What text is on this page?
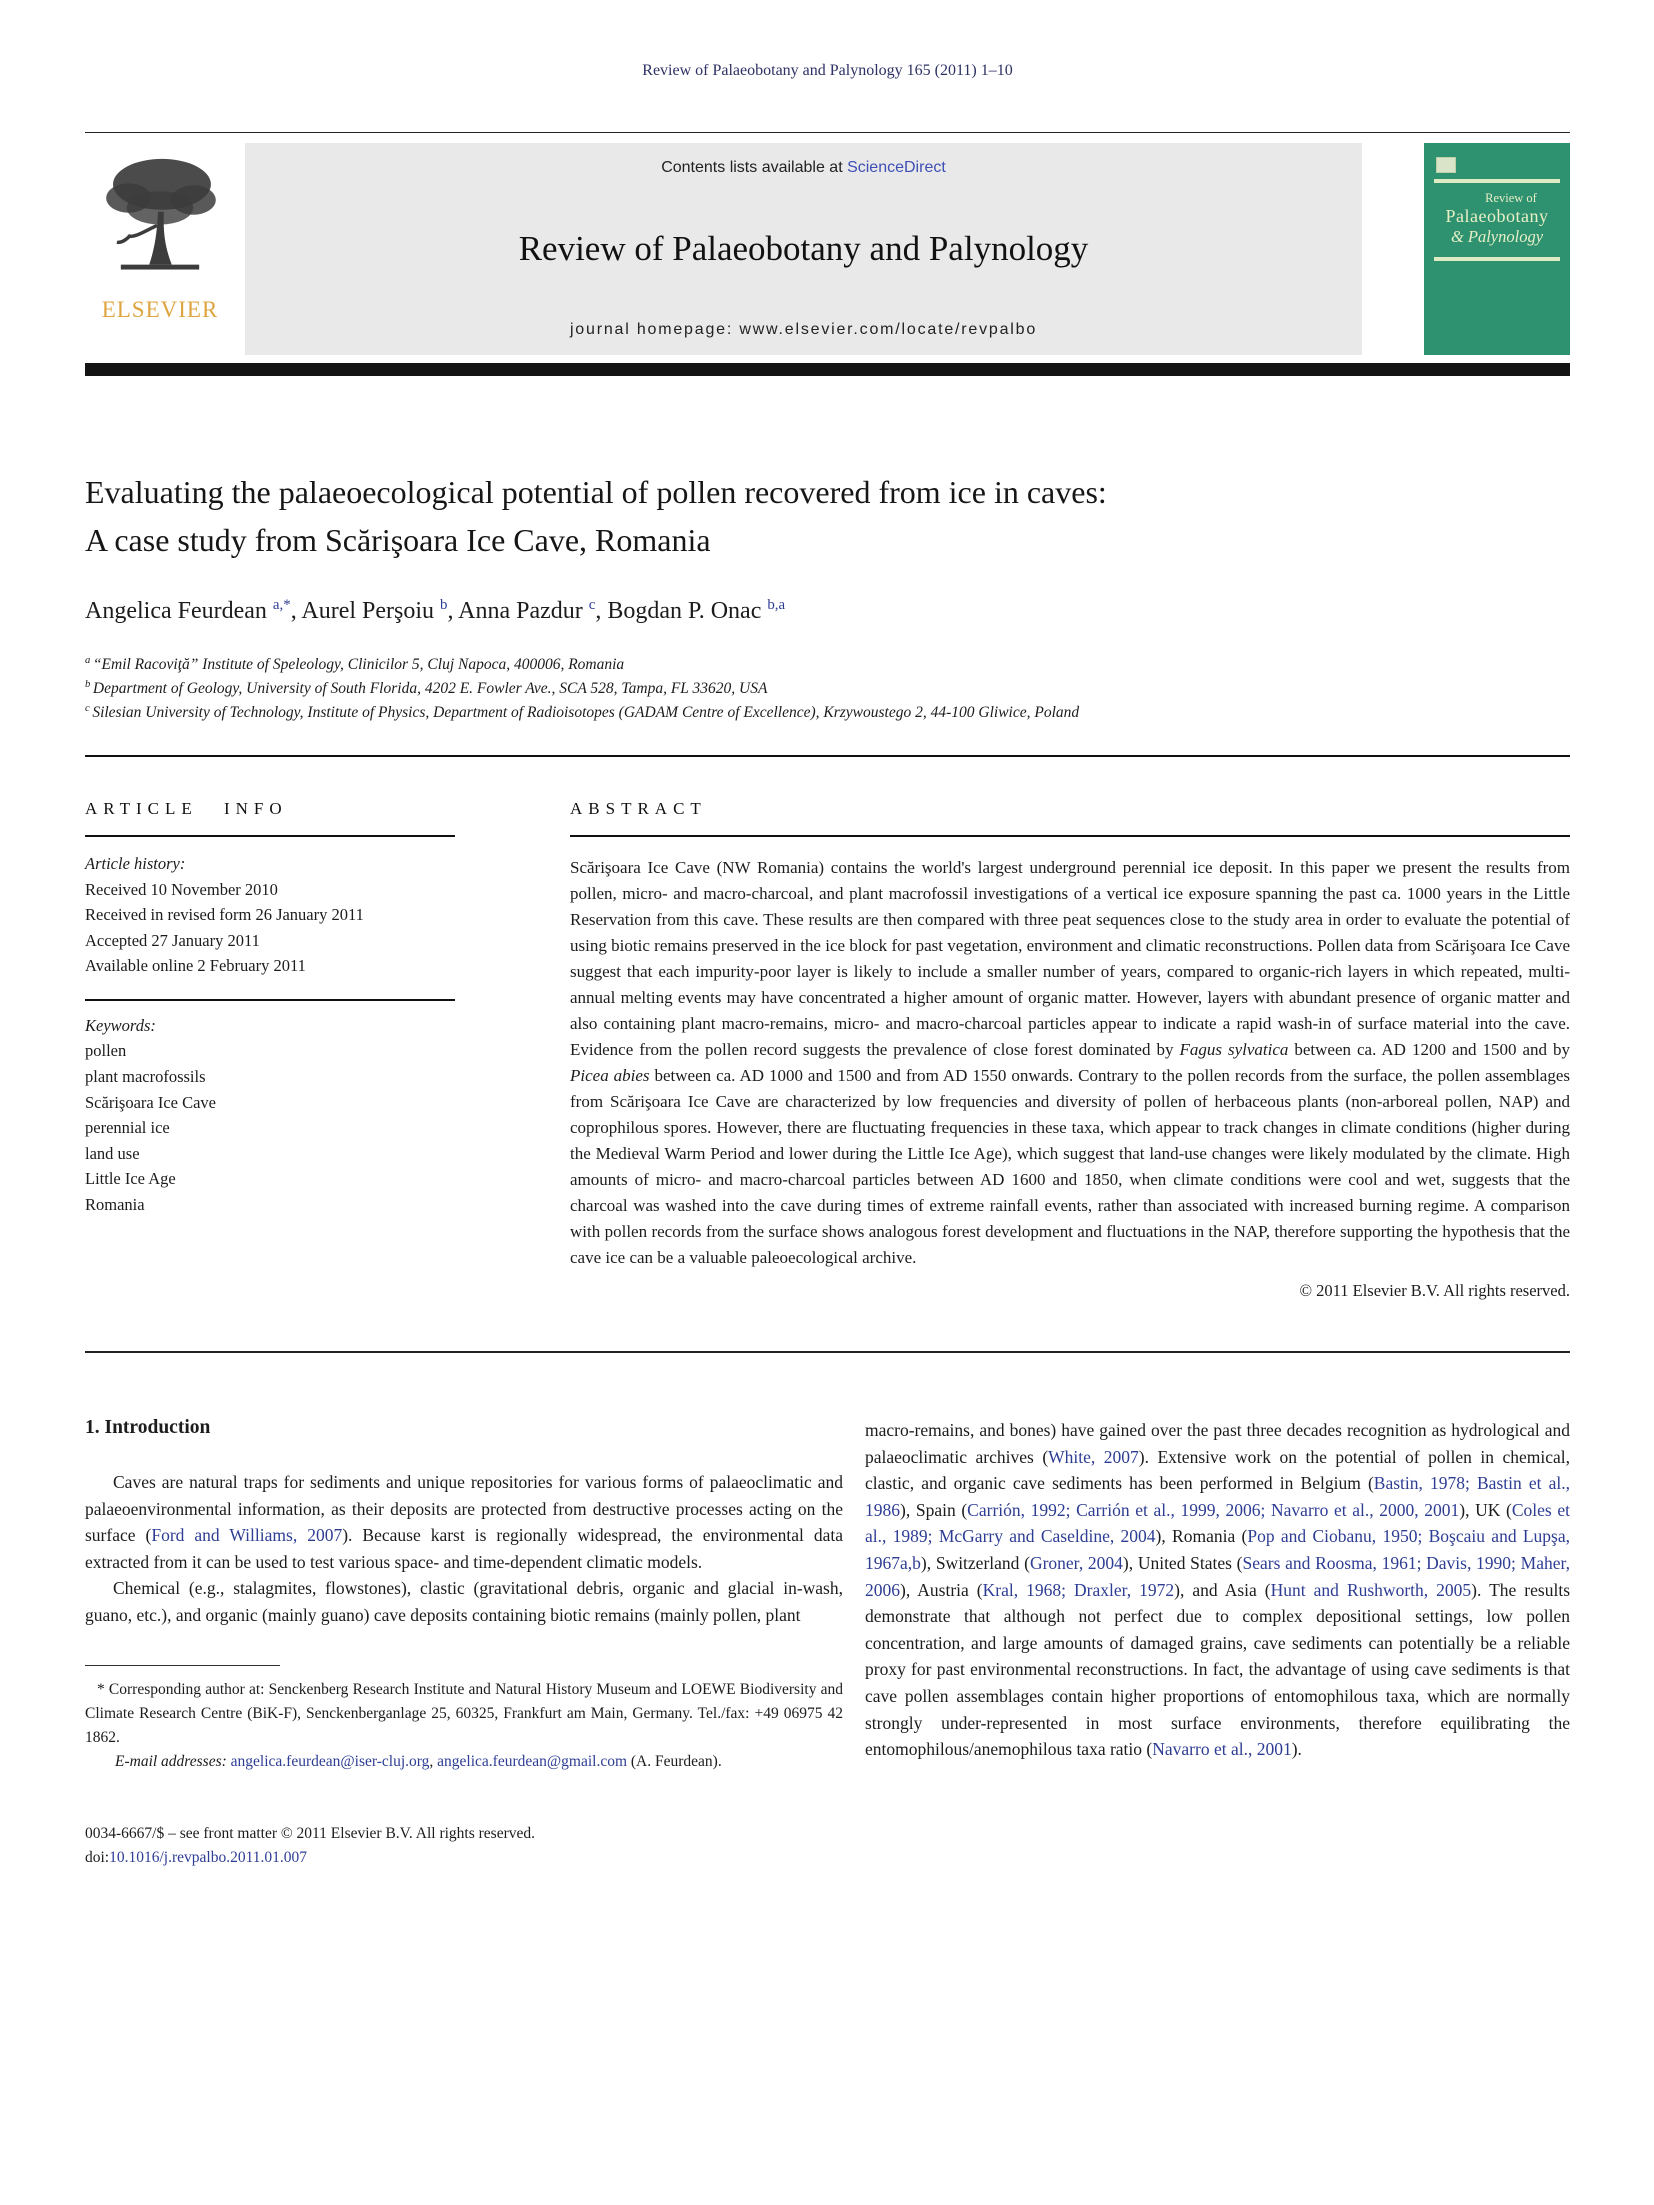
Review of Palaeobotany and Palynology 165 (2011) 1–10
ELSEVIER
Contents lists available at ScienceDirect
Review of Palaeobotany and Palynology
journal homepage: www.elsevier.com/locate/revpalbo
Review of
Palaeobotany
& Palynology
Evaluating the palaeoecological potential of pollen recovered from ice in caves:
A case study from Scărişoara Ice Cave, Romania
Angelica Feurdean $^{a,*}$, Aurel Perşoiu $^b$, Anna Pazdur $^c$, Bogdan P. Onac $^{b,a}$
$^a$ “Emil Racoviţă” Institute of Speleology, Clinicilor 5, Cluj Napoca, 400006, Romania
$^b$ Department of Geology, University of South Florida, 4202 E. Fowler Ave., SCA 528, Tampa, FL 33620, USA
$^c$ Silesian University of Technology, Institute of Physics, Department of Radioisotopes (GADAM Centre of Excellence), Krzywoustego 2, 44-100 Gliwice, Poland
ARTICLE INFO
Article history:
Received 10 November 2010
Received in revised form 26 January 2011
Accepted 27 January 2011
Available online 2 February 2011
Keywords:
pollen
plant macrofossils
Scărişoara Ice Cave
perennial ice
land use
Little Ice Age
Romania
ABSTRACT

Scărişoara Ice Cave (NW Romania) contains the world's largest underground perennial ice deposit. In this paper we present the results from pollen, micro- and macro-charcoal, and plant macrofossil investigations of a vertical ice exposure spanning the past ca. 1000 years in the Little Reservation from this cave. These results are then compared with three peat sequences close to the study area in order to evaluate the potential of using biotic remains preserved in the ice block for past vegetation, environment and climatic reconstructions. Pollen data from Scărişoara Ice Cave suggest that each impurity-poor layer is likely to include a smaller number of years, compared to organic-rich layers in which repeated, multi-annual melting events may have concentrated a higher amount of organic matter. However, layers with abundant presence of organic matter and also containing plant macro-remains, micro- and macro-charcoal particles appear to indicate a rapid wash-in of surface material into the cave. Evidence from the pollen record suggests the prevalence of close forest dominated by Fagus sylvatica between ca. AD 1200 and 1500 and by Picea abies between ca. AD 1000 and 1500 and from AD 1550 onwards. Contrary to the pollen records from the surface, the pollen assemblages from Scărişoara Ice Cave are characterized by low frequencies and diversity of pollen of herbaceous plants (non-arboreal pollen, NAP) and coprophilous spores. However, there are fluctuating frequencies in these taxa, which appear to track changes in climate conditions (higher during the Medieval Warm Period and lower during the Little Ice Age), which suggest that land-use changes were likely modulated by the climate. High amounts of micro- and macro-charcoal particles between AD 1600 and 1850, when climate conditions were cool and wet, suggests that the charcoal was washed into the cave during times of extreme rainfall events, rather than associated with increased burning regime. A comparison with pollen records from the surface shows analogous forest development and fluctuations in the NAP, therefore supporting the hypothesis that the cave ice can be a valuable paleoecological archive.

© 2011 Elsevier B.V. All rights reserved.
1. Introduction

Caves are natural traps for sediments and unique repositories for various forms of palaeoclimatic and palaeoenvironmental information, as their deposits are protected from destructive processes acting on the surface (Ford and Williams, 2007). Because karst is regionally widespread, the environmental data extracted from it can be used to test various space- and time-dependent climatic models.

Chemical (e.g., stalagmites, flowstones), clastic (gravitational debris, organic and glacial in-wash, guano, etc.), and organic (mainly guano) cave deposits containing biotic remains (mainly pollen, plant

* Corresponding author at: Senckenberg Research Institute and Natural History Museum and LOEWE Biodiversity and Climate Research Centre (BiK-F), Senckenberganlage 25, 60325, Frankfurt am Main, Germany. Tel./fax: +49 06975 42 1862.

E-mail addresses: angelica.feurdean@iser-cluj.org, angelica.feurdean@gmail.com (A. Feurdean).

0034-6667/$ – see front matter © 2011 Elsevier B.V. All rights reserved.
doi:10.1016/j.revpalbo.2011.01.007

macro-remains, and bones) have gained over the past three decades recognition as hydrological and palaeoclimatic archives (White, 2007). Extensive work on the potential of pollen in chemical, clastic, and organic cave sediments has been performed in Belgium (Bastin, 1978; Bastin et al., 1986), Spain (Carrión, 1992; Carrión et al., 1999, 2006; Navarro et al., 2000, 2001), UK (Coles et al., 1989; McGarry and Caseldine, 2004), Romania (Pop and Ciobanu, 1950; Boşcaiu and Lupşa, 1967a,b), Switzerland (Groner, 2004), United States (Sears and Roosma, 1961; Davis, 1990; Maher, 2006), Austria (Kral, 1968; Draxler, 1972), and Asia (Hunt and Rushworth, 2005). The results demonstrate that although not perfect due to complex depositional settings, low pollen concentration, and large amounts of damaged grains, cave sediments can potentially be a reliable proxy for past environmental reconstructions. In fact, the advantage of using cave sediments is that cave pollen assemblages contain higher proportions of entomophilous taxa, which are normally strongly under-represented in most surface environments, therefore equilibrating the entomophilous/anemophilous taxa ratio (Navarro et al., 2001).
